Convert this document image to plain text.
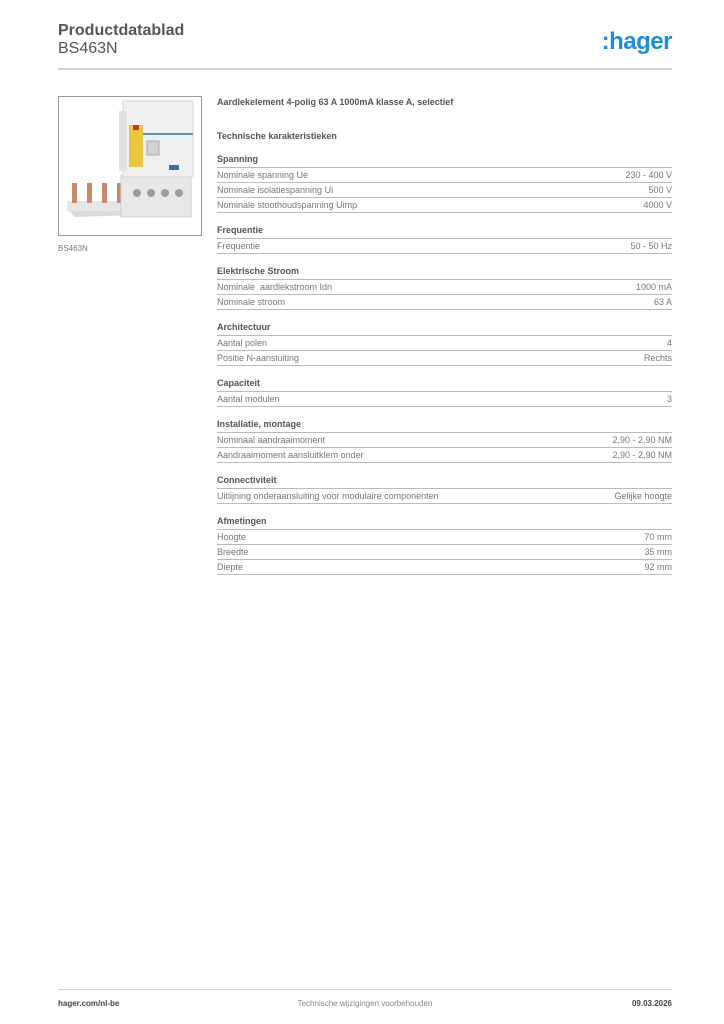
Productdatablad
BS463N	:hager
BS463N
Aardlekelement 4-polig 63 A 1000mA klasse A, selectief
Technische karakteristieken
Spanning
Nominale spanning Ue	230 - 400 V
Nominale isolatiespanning Ui	500 V
Nominale stoothoudspanning Uimp	4000 V
Frequentie
Frequentie	50 - 50 Hz
Elektrische Stroom
Nominale  aardlekstroom Idn	1000 mA
Nominale stroom	63 A
Architectuur
Aantal polen	4
Positie N-aansluiting	Rechts
Capaciteit
Aantal modulen	3
Installatie, montage
Nominaal aandraaimoment	2,90 - 2,90 NM
Aandraaimoment aansluitklem onder	2,90 - 2,90 NM
Connectiviteit
Uitlijning onderaansluiting voor modulaire componenten	Gelijke hoogte
Afmetingen
Hoogte	70 mm
Breedte	35 mm
Diepte	92 mm
hager.com/nl-be	Technische wijzigingen voorbehouden	09.03.2026
